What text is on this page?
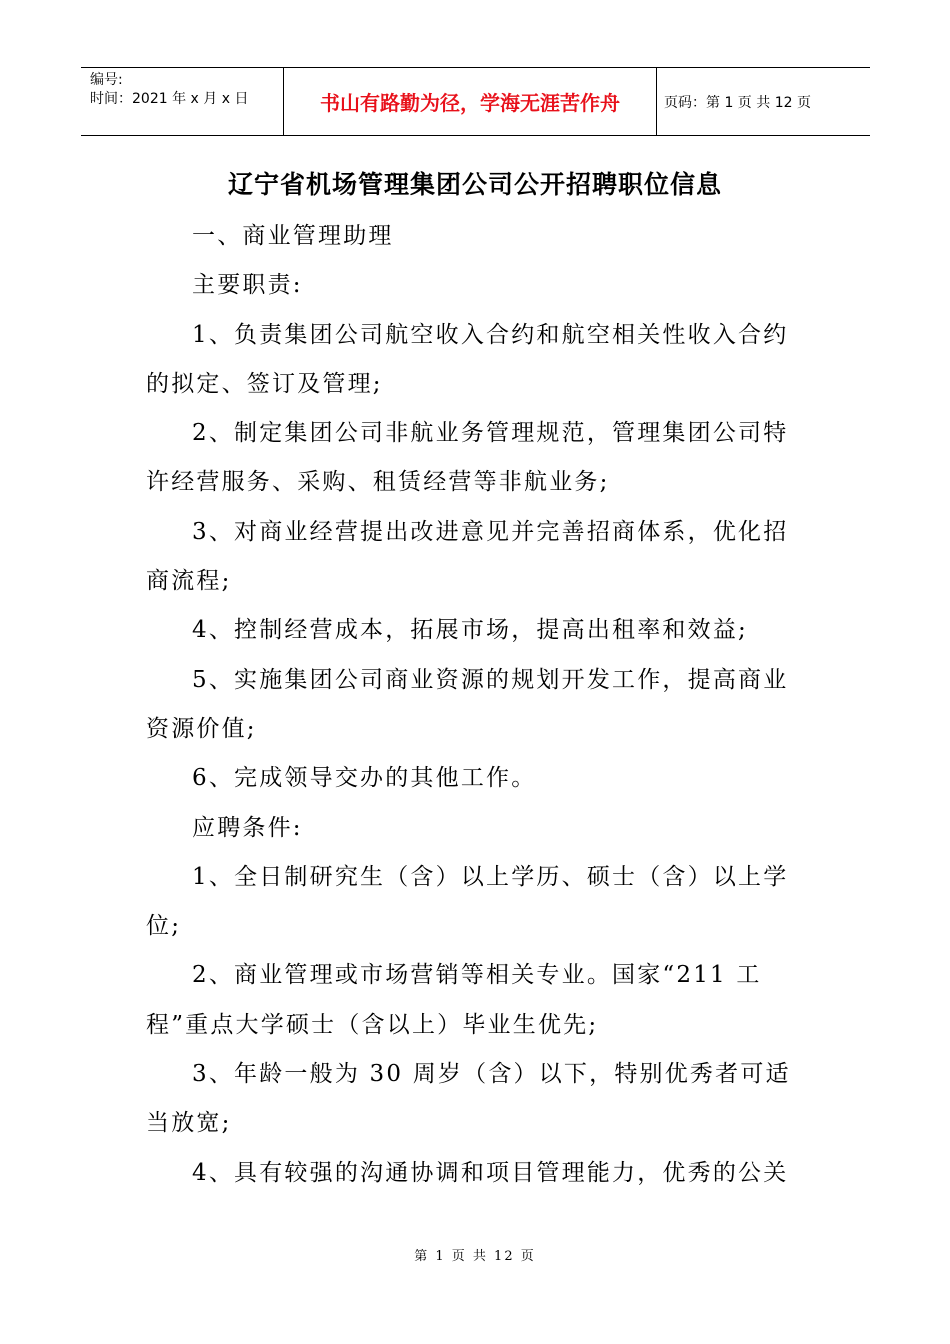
编号:
时间：2021 年 x 月 x 日	书山有路勤为径，学海无涯苦作舟	页码：第 1 页 共 12 页
辽宁省机场管理集团公司公开招聘职位信息

一、商业管理助理

主要职责:

1、负责集团公司航空收入合约和航空相关性收入合约的拟定、签订及管理;

2、制定集团公司非航业务管理规范，管理集团公司特许经营服务、采购、租赁经营等非航业务;

3、对商业经营提出改进意见并完善招商体系，优化招商流程;

4、控制经营成本，拓展市场，提高出租率和效益;

5、实施集团公司商业资源的规划开发工作，提高商业资源价值;

6、完成领导交办的其他工作。

应聘条件:

1、全日制研究生（含）以上学历、硕士（含）以上学位;

2、商业管理或市场营销等相关专业。国家“211 工程”重点大学硕士（含以上）毕业生优先;

3、年龄一般为 30 周岁（含）以下，特别优秀者可适当放宽;

4、具有较强的沟通协调和项目管理能力，优秀的公关

第 1 页 共 12 页
